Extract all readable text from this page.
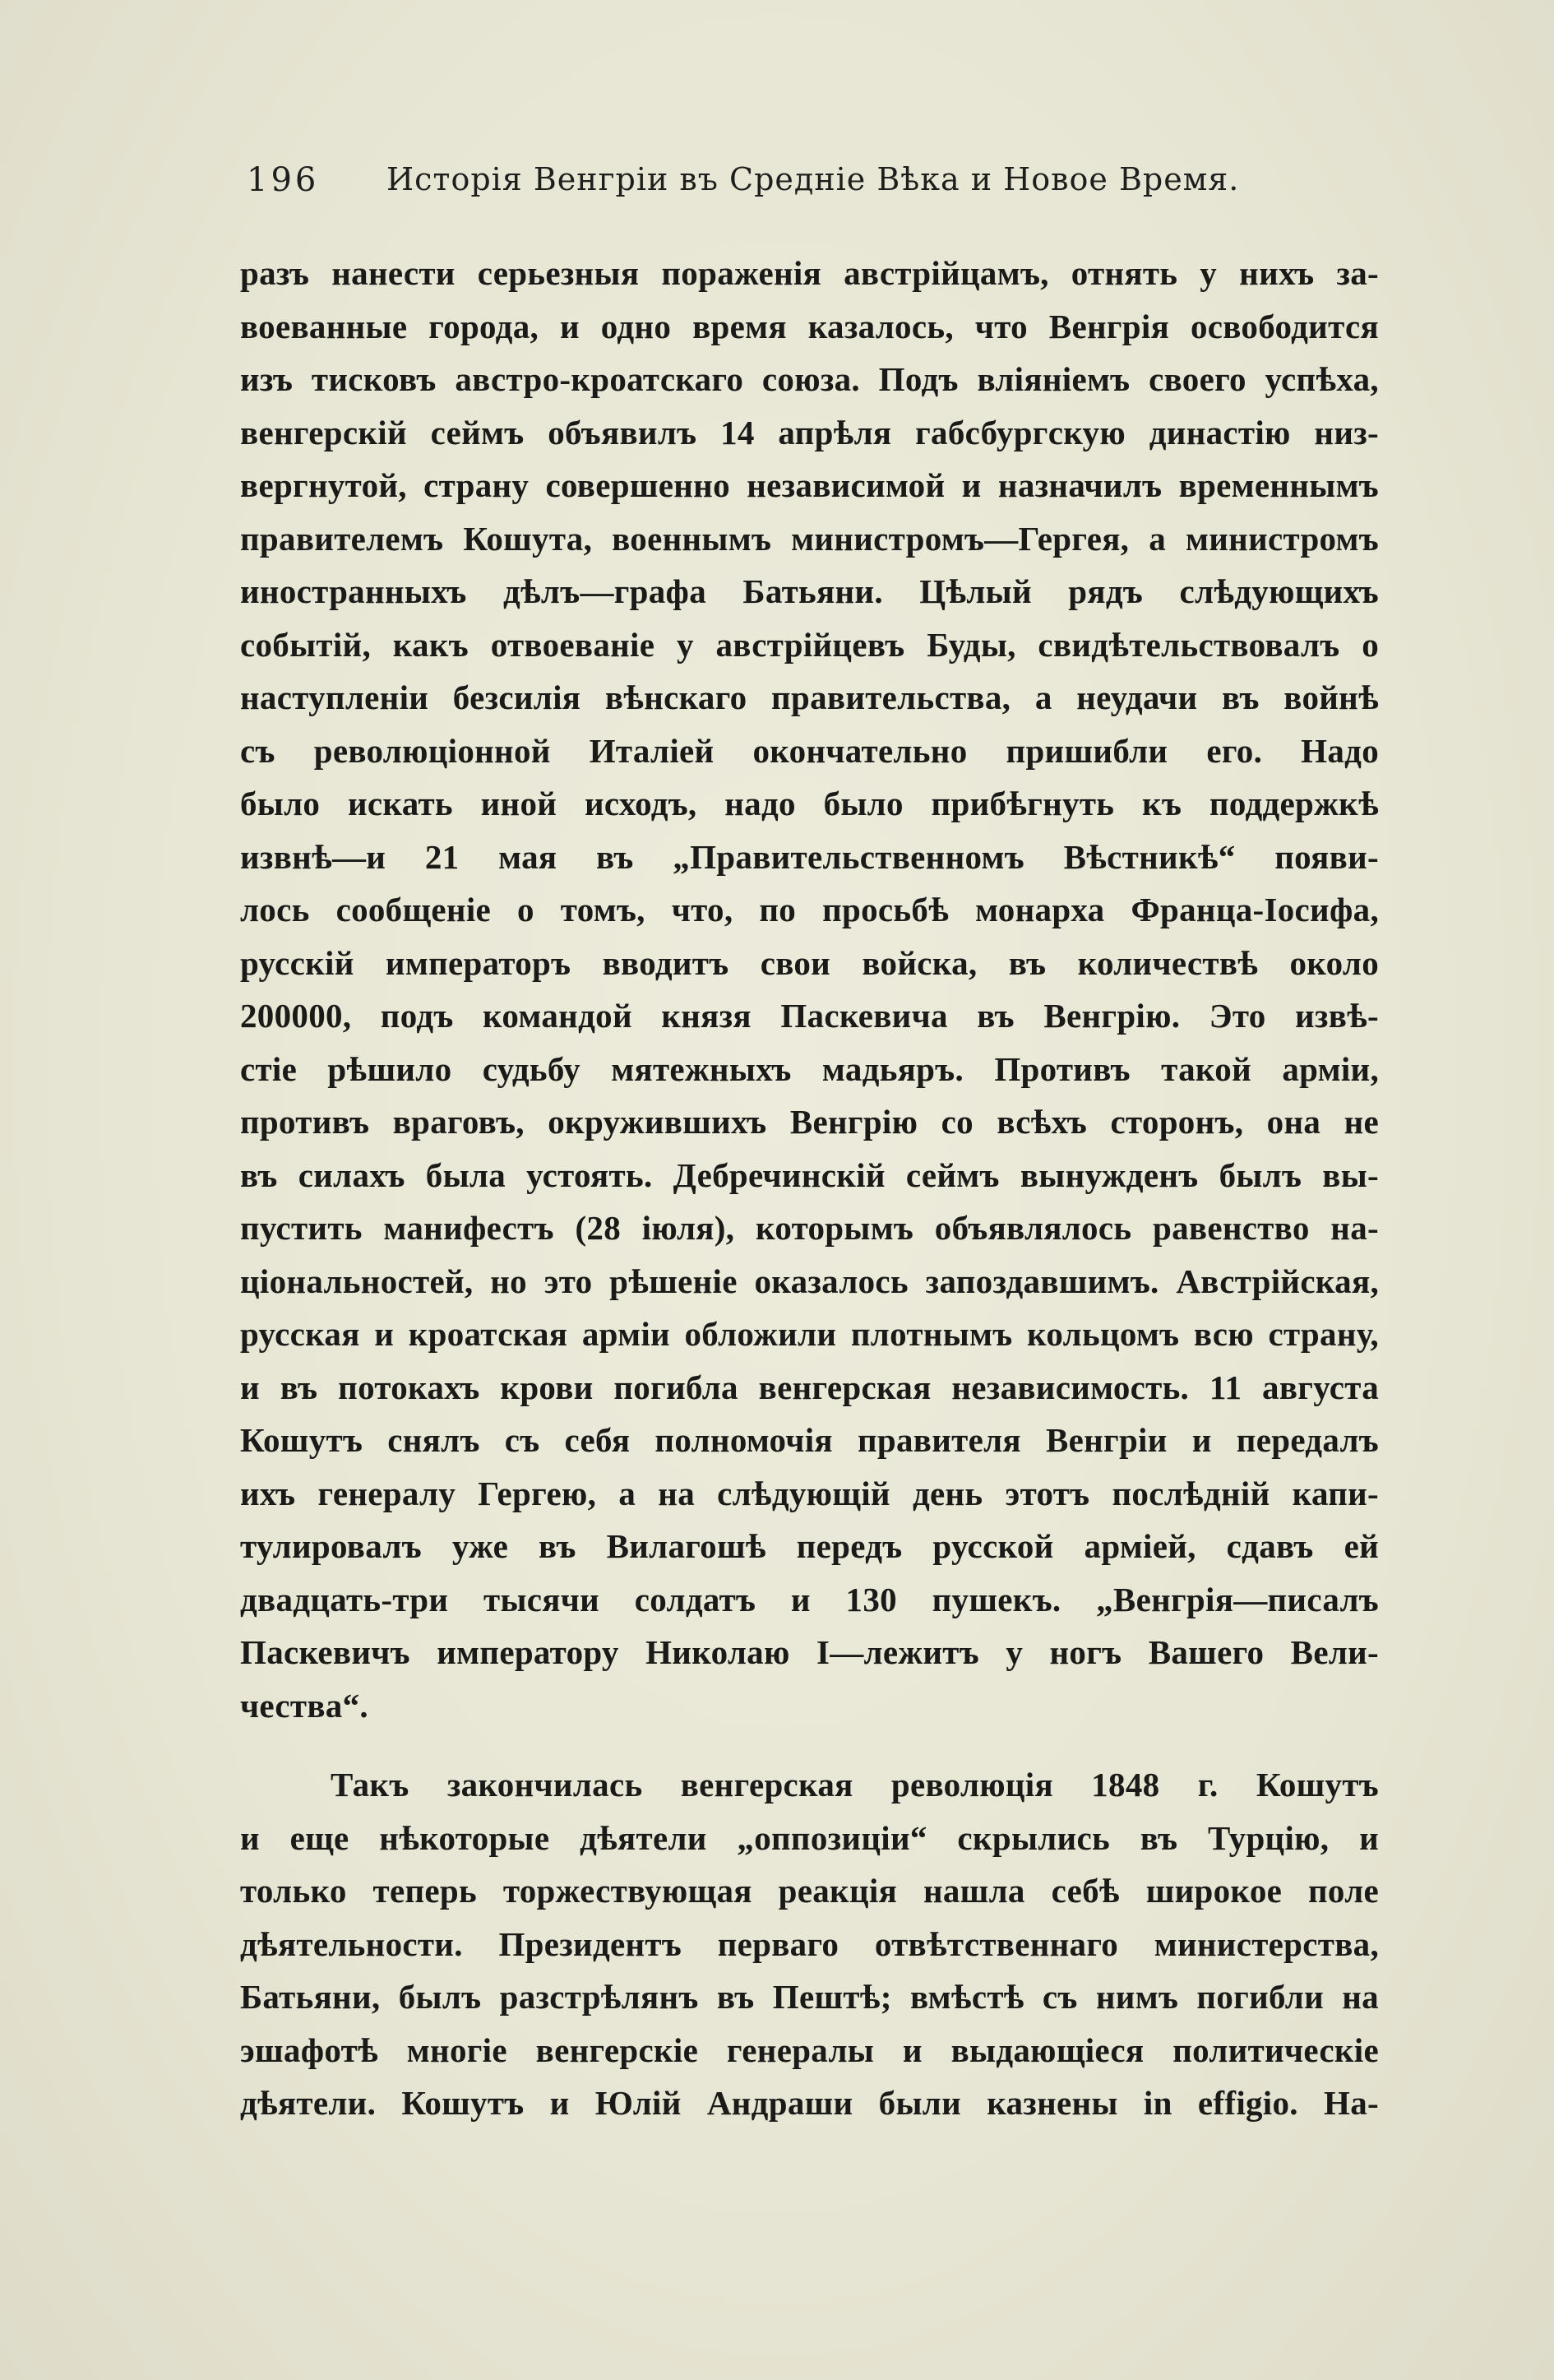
196 Исторія Венгріи въ Средніе Вѣка и Новое Время.
разъ нанести серьезныя пораженія австрійцамъ, отнять у нихъ за-
воеванные города, и одно время казалось, что Венгрія освободится
изъ тисковъ австро-кроатскаго союза. Подъ вліяніемъ своего успѣха,
венгерскій сеймъ объявилъ 14 апрѣля габсбургскую династію низ-
вергнутой, страну совершенно независимой и назначилъ временнымъ
правителемъ Кошута, военнымъ министромъ—Гергея, а министромъ
иностранныхъ дѣлъ—графа Батьяни. Цѣлый рядъ слѣдующихъ
событій, какъ отвоеваніе у австрійцевъ Буды, свидѣтельствовалъ о
наступленіи безсилія вѣнскаго правительства, а неудачи въ войнѣ
съ революціонной Италіей окончательно пришибли его. Надо
было искать иной исходъ, надо было прибѣгнуть къ поддержкѣ
извнѣ—и 21 мая въ „Правительственномъ Вѣстникѣ“ появи-
лось сообщеніе о томъ, что, по просьбѣ монарха Франца-Іосифа,
русскій императоръ вводитъ свои войска, въ количествѣ около
200000, подъ командой князя Паскевича въ Венгрію. Это извѣ-
стіе рѣшило судьбу мятежныхъ мадьяръ. Противъ такой арміи,
противъ враговъ, окружившихъ Венгрію со всѣхъ сторонъ, она не
въ силахъ была устоять. Дебречинскій сеймъ вынужденъ былъ вы-
пустить манифестъ (28 іюля), которымъ объявлялось равенство на-
ціональностей, но это рѣшеніе оказалось запоздавшимъ. Австрійская,
русская и кроатская арміи обложили плотнымъ кольцомъ всю страну,
и въ потокахъ крови погибла венгерская независимость. 11 августа
Кошутъ снялъ съ себя полномочія правителя Венгріи и передалъ
ихъ генералу Гергею, а на слѣдующій день этотъ послѣдній капи-
тулировалъ уже въ Вилагошѣ передъ русской арміей, сдавъ ей
двадцать-три тысячи солдатъ и 130 пушекъ. „Венгрія—писалъ
Паскевичъ императору Николаю I—лежитъ у ногъ Вашего Вели-
чества“.
Такъ закончилась венгерская революція 1848 г. Кошутъ
и еще нѣкоторые дѣятели „оппозиціи“ скрылись въ Турцію, и
только теперь торжествующая реакція нашла себѣ широкое поле
дѣятельности. Президентъ перваго отвѣтственнаго министерства,
Батьяни, былъ разстрѣлянъ въ Пештѣ; вмѣстѣ съ нимъ погибли на
эшафотѣ многіе венгерскіе генералы и выдающіеся политическіе
дѣятели. Кошутъ и Юлій Андраши были казнены in effigio. На-
